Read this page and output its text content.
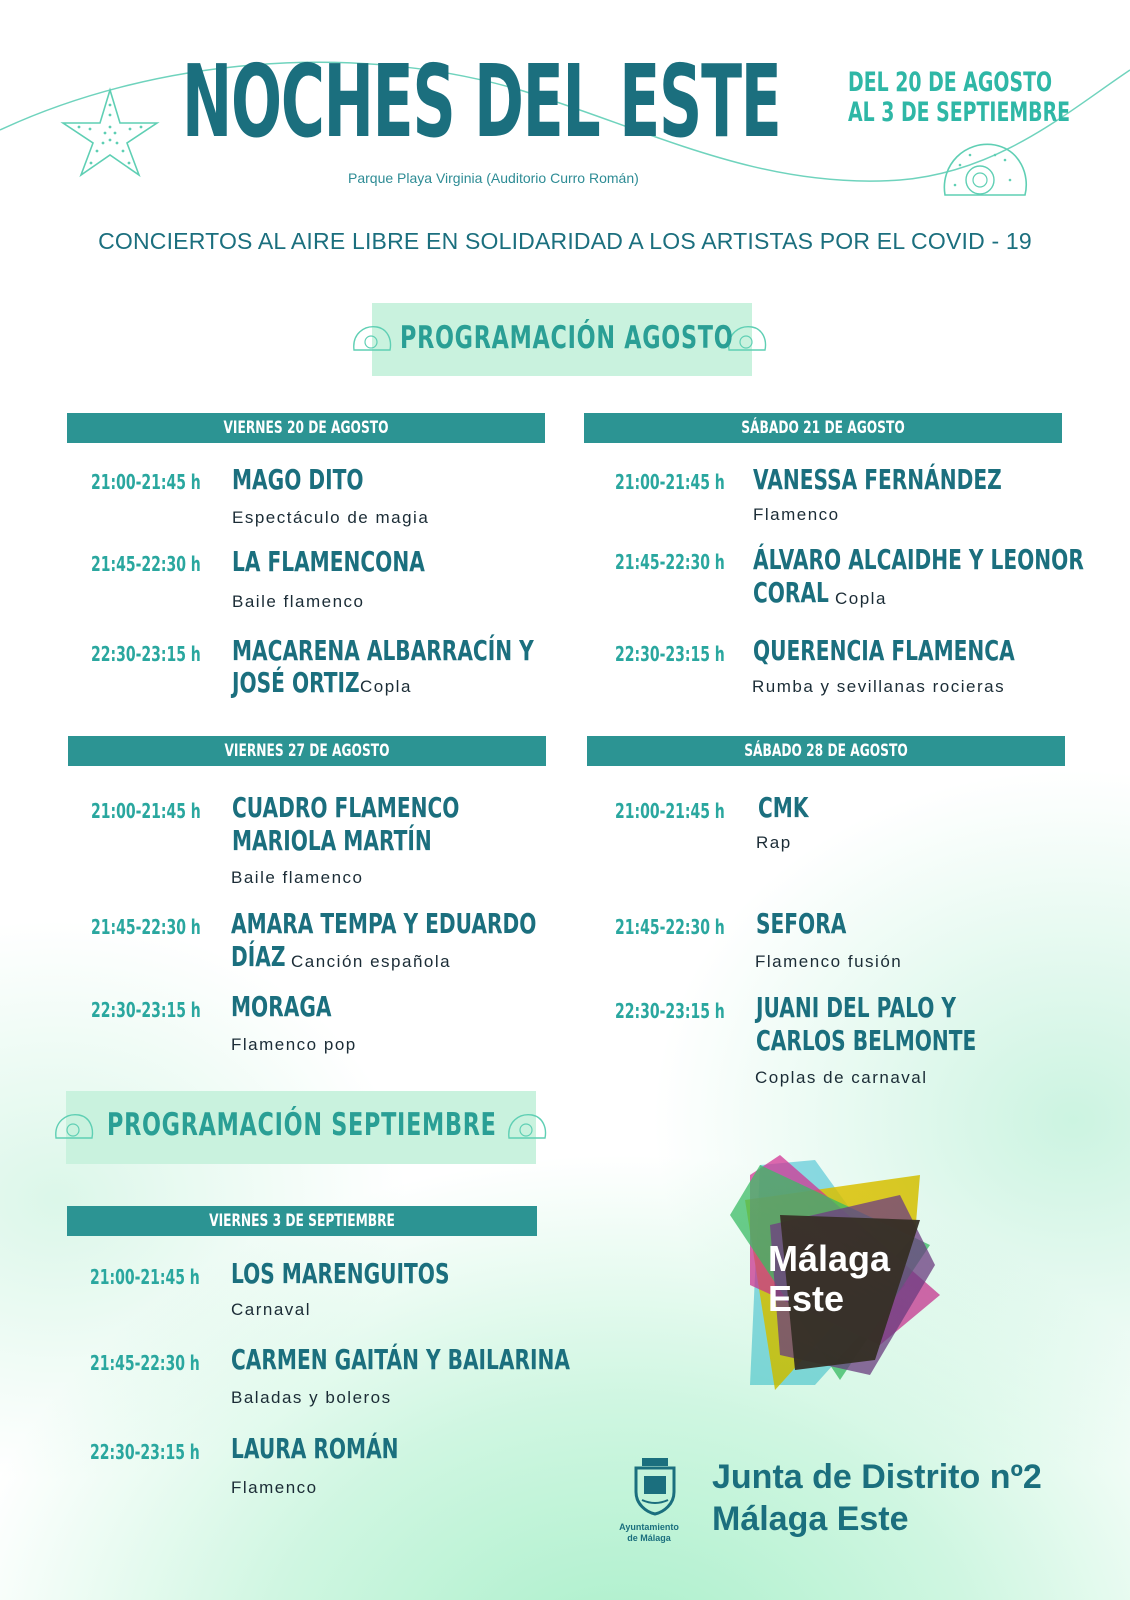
NOCHES DEL ESTE DEL 20 DE AGOSTO
AL 3 DE SEPTIEMBRE
Parque Playa Virginia (Auditorio Curro Román)
CONCIERTOS AL AIRE LIBRE EN SOLIDARIDAD A LOS ARTISTAS POR EL COVID - 19
PROGRAMACIÓN AGOSTO
VIERNES 20 DE AGOSTO	SÁBADO 21 DE AGOSTO
VIERNES 27 DE AGOSTO	SÁBADO 28 DE AGOSTO
VIERNES 3 DE SEPTIEMBRE
21:00-21:45 h MAGO DITO
Espectáculo de magia
21:45-22:30 h LA FLAMENCONA
Baile flamenco
22:30-23:15 h MACARENA ALBARRACÍN Y
JOSÉ ORTIZ Copla
21:00-21:45 h VANESSA FERNÁNDEZ
Flamenco
21:45-22:30 h ÁLVARO ALCAIDHE Y LEONOR
CORAL Copla
22:30-23:15 h QUERENCIA FLAMENCA
Rumba y sevillanas rocieras
21:00-21:45 h CUADRO FLAMENCO
MARIOLA MARTÍN
Baile flamenco
21:45-22:30 h AMARA TEMPA Y EDUARDO
DÍAZ Canción española
22:30-23:15 h MORAGA
Flamenco pop
21:00-21:45 h CMK
Rap
21:45-22:30 h SEFORA
Flamenco fusión
22:30-23:15 h JUANI DEL PALO Y
CARLOS BELMONTE
Coplas de carnaval
PROGRAMACIÓN SEPTIEMBRE
21:00-21:45 h LOS MARENGUITOS
Carnaval
21:45-22:30 h CARMEN GAITÁN Y BAILARINA
Baladas y boleros
22:30-23:15 h LAURA ROMÁN
Flamenco
Málaga
Este
Ayuntamiento
de Málaga
Junta de Distrito nº2
Málaga Este
